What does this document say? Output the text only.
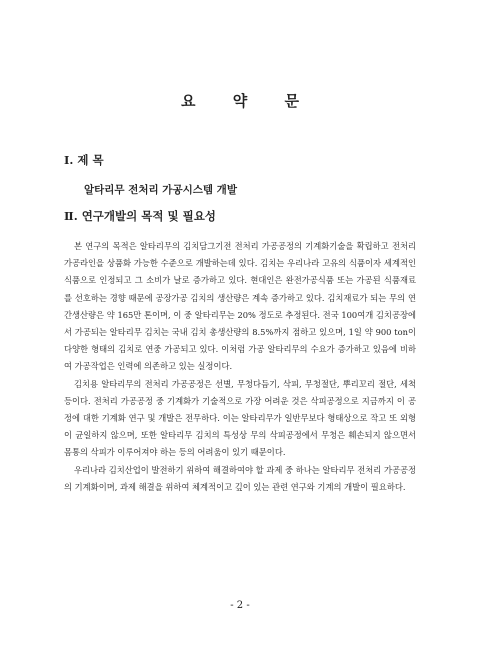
요 약 문
Ⅰ. 제 목
알타리무 전처리 가공시스템 개발
Ⅱ. 연구개발의 목적 및 필요성

본 연구의 목적은 알타리무의 김치담그기전 전처리 가공공정의 기계화기술을 확립하고 전처리 가공라인을 상품화 가능한 수준으로 개발하는데 있다. 김치는 우리나라 고유의 식품이자 세계적인 식품으로 인정되고 그 소비가 날로 증가하고 있다. 현대인은 완전가공식품 또는 가공된 식품재료를 선호하는 경향 때문에 공장가공 김치의 생산량은 계속 증가하고 있다. 김치재료가 되는 무의 연간생산량은 약 165만 톤이며, 이 중 알타리무는 20% 정도로 추정된다. 전국 100여개 김치공장에서 가공되는 알타리무 김치는 국내 김치 총생산량의 8.5%까지 점하고 있으며, 1일 약 900 ton이 다양한 형태의 김치로 연중 가공되고 있다. 이처럼 가공 알타리무의 수요가 증가하고 있음에 비하여 가공작업은 인력에 의존하고 있는 실정이다.

김치용 알타리무의 전처리 가공공정은 선별, 무청다듬기, 삭피, 무청절단, 뿌리꼬리 절단, 세척 등이다. 전처리 가공공정 중 기계화가 기술적으로 가장 어려운 것은 삭피공정으로 지금까지 이 공정에 대한 기계화 연구 및 개발은 전무하다. 이는 알타리무가 일반무보다 형태상으로 작고 또 외형이 균일하지 않으며, 또한 알타리무 김치의 특성상 무의 삭피공정에서 무청은 훼손되지 않으면서 몸통의 삭피가 이루어져야 하는 등의 어려움이 있기 때문이다.

우리나라 김치산업이 발전하기 위하여 해결하여야 할 과제 중 하나는 알타리무 전처리 가공공정의 기계화이며, 과제 해결을 위하여 체계적이고 깊이 있는 관련 연구와 기계의 개발이 필요하다.

- 2 -
